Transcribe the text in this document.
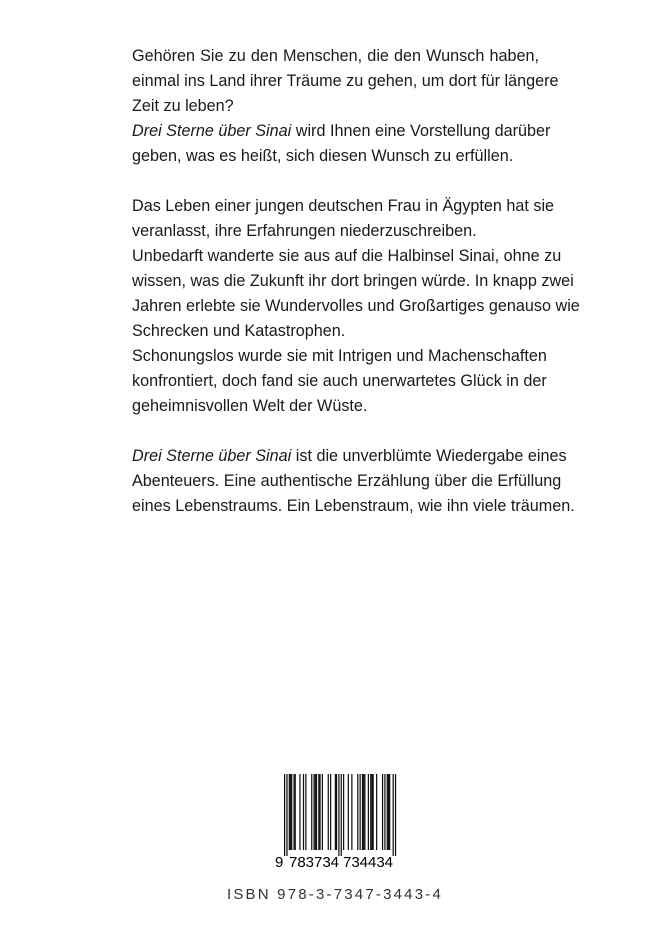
Gehören Sie zu den Menschen, die den Wunsch haben,
einmal ins Land ihrer Träume zu gehen, um dort für längere
Zeit zu leben?
Drei Sterne über Sinai wird Ihnen eine Vorstellung darüber
geben, was es heißt, sich diesen Wunsch zu erfüllen.
Das Leben einer jungen deutschen Frau in Ägypten hat sie
veranlasst, ihre Erfahrungen niederzuschreiben.
Unbedarft wanderte sie aus auf die Halbinsel Sinai, ohne zu
wissen, was die Zukunft ihr dort bringen würde. In knapp zwei
Jahren erlebte sie Wundervolles und Großartiges genauso wie
Schrecken und Katastrophen.
Schonungslos wurde sie mit Intrigen und Machenschaften
konfrontiert, doch fand sie auch unerwartetes Glück in der
geheimnisvollen Welt der Wüste.
Drei Sterne über Sinai ist die unverblümte Wiedergabe eines
Abenteuers. Eine authentische Erzählung über die Erfüllung
eines Lebenstraums. Ein Lebenstraum, wie ihn viele träumen.
9 783734 734434
ISBN 978-3-7347-3443-4
